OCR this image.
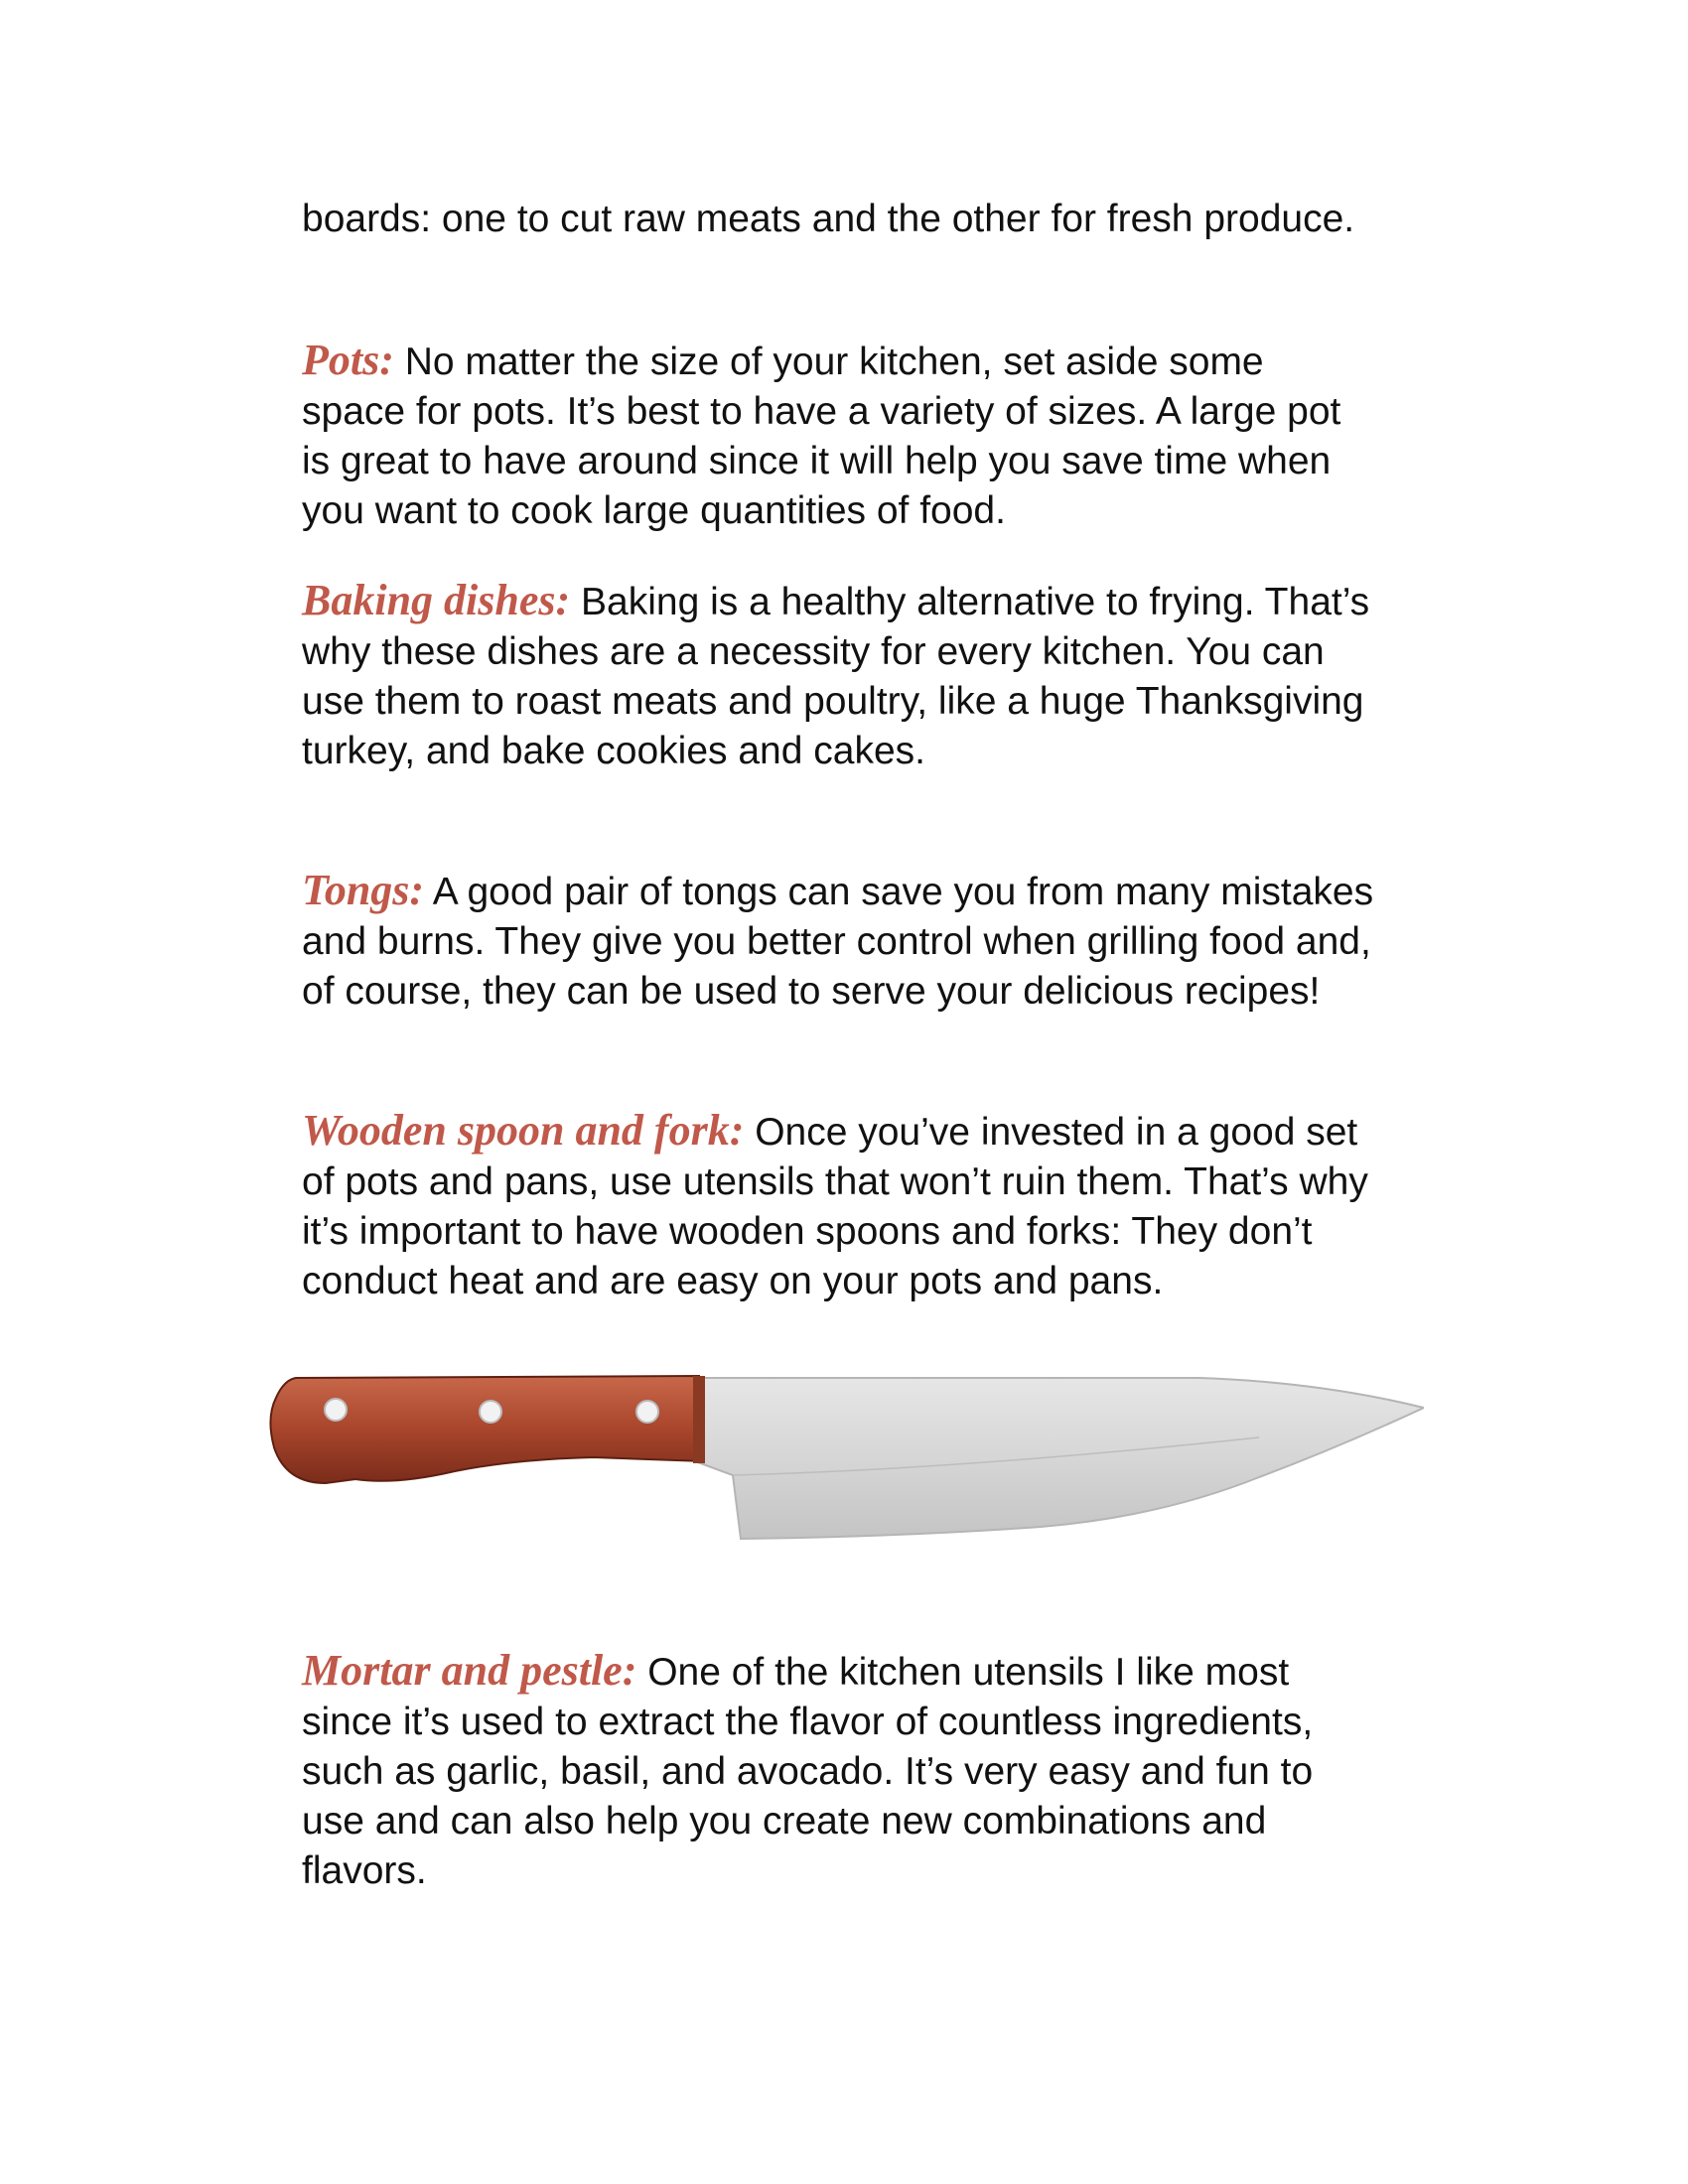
boards: one to cut raw meats and the other for fresh produce.

Pots: No matter the size of your kitchen, set aside some space for pots. It’s best to have a variety of sizes. A large pot is great to have around since it will help you save time when you want to cook large quantities of food.

Baking dishes: Baking is a healthy alternative to frying. That’s why these dishes are a necessity for every kitchen. You can use them to roast meats and poultry, like a huge Thanksgiving turkey, and bake cookies and cakes.

Tongs: A good pair of tongs can save you from many mistakes and burns. They give you better control when grilling food and, of course, they can be used to serve your delicious recipes!

Wooden spoon and fork: Once you’ve invested in a good set of pots and pans, use utensils that won’t ruin them. That’s why it’s important to have wooden spoons and forks: They don’t conduct heat and are easy on your pots and pans.

Mortar and pestle: One of the kitchen utensils I like most since it’s used to extract the flavor of countless ingredients, such as garlic, basil, and avocado. It’s very easy and fun to use and can also help you create new combinations and flavors.
